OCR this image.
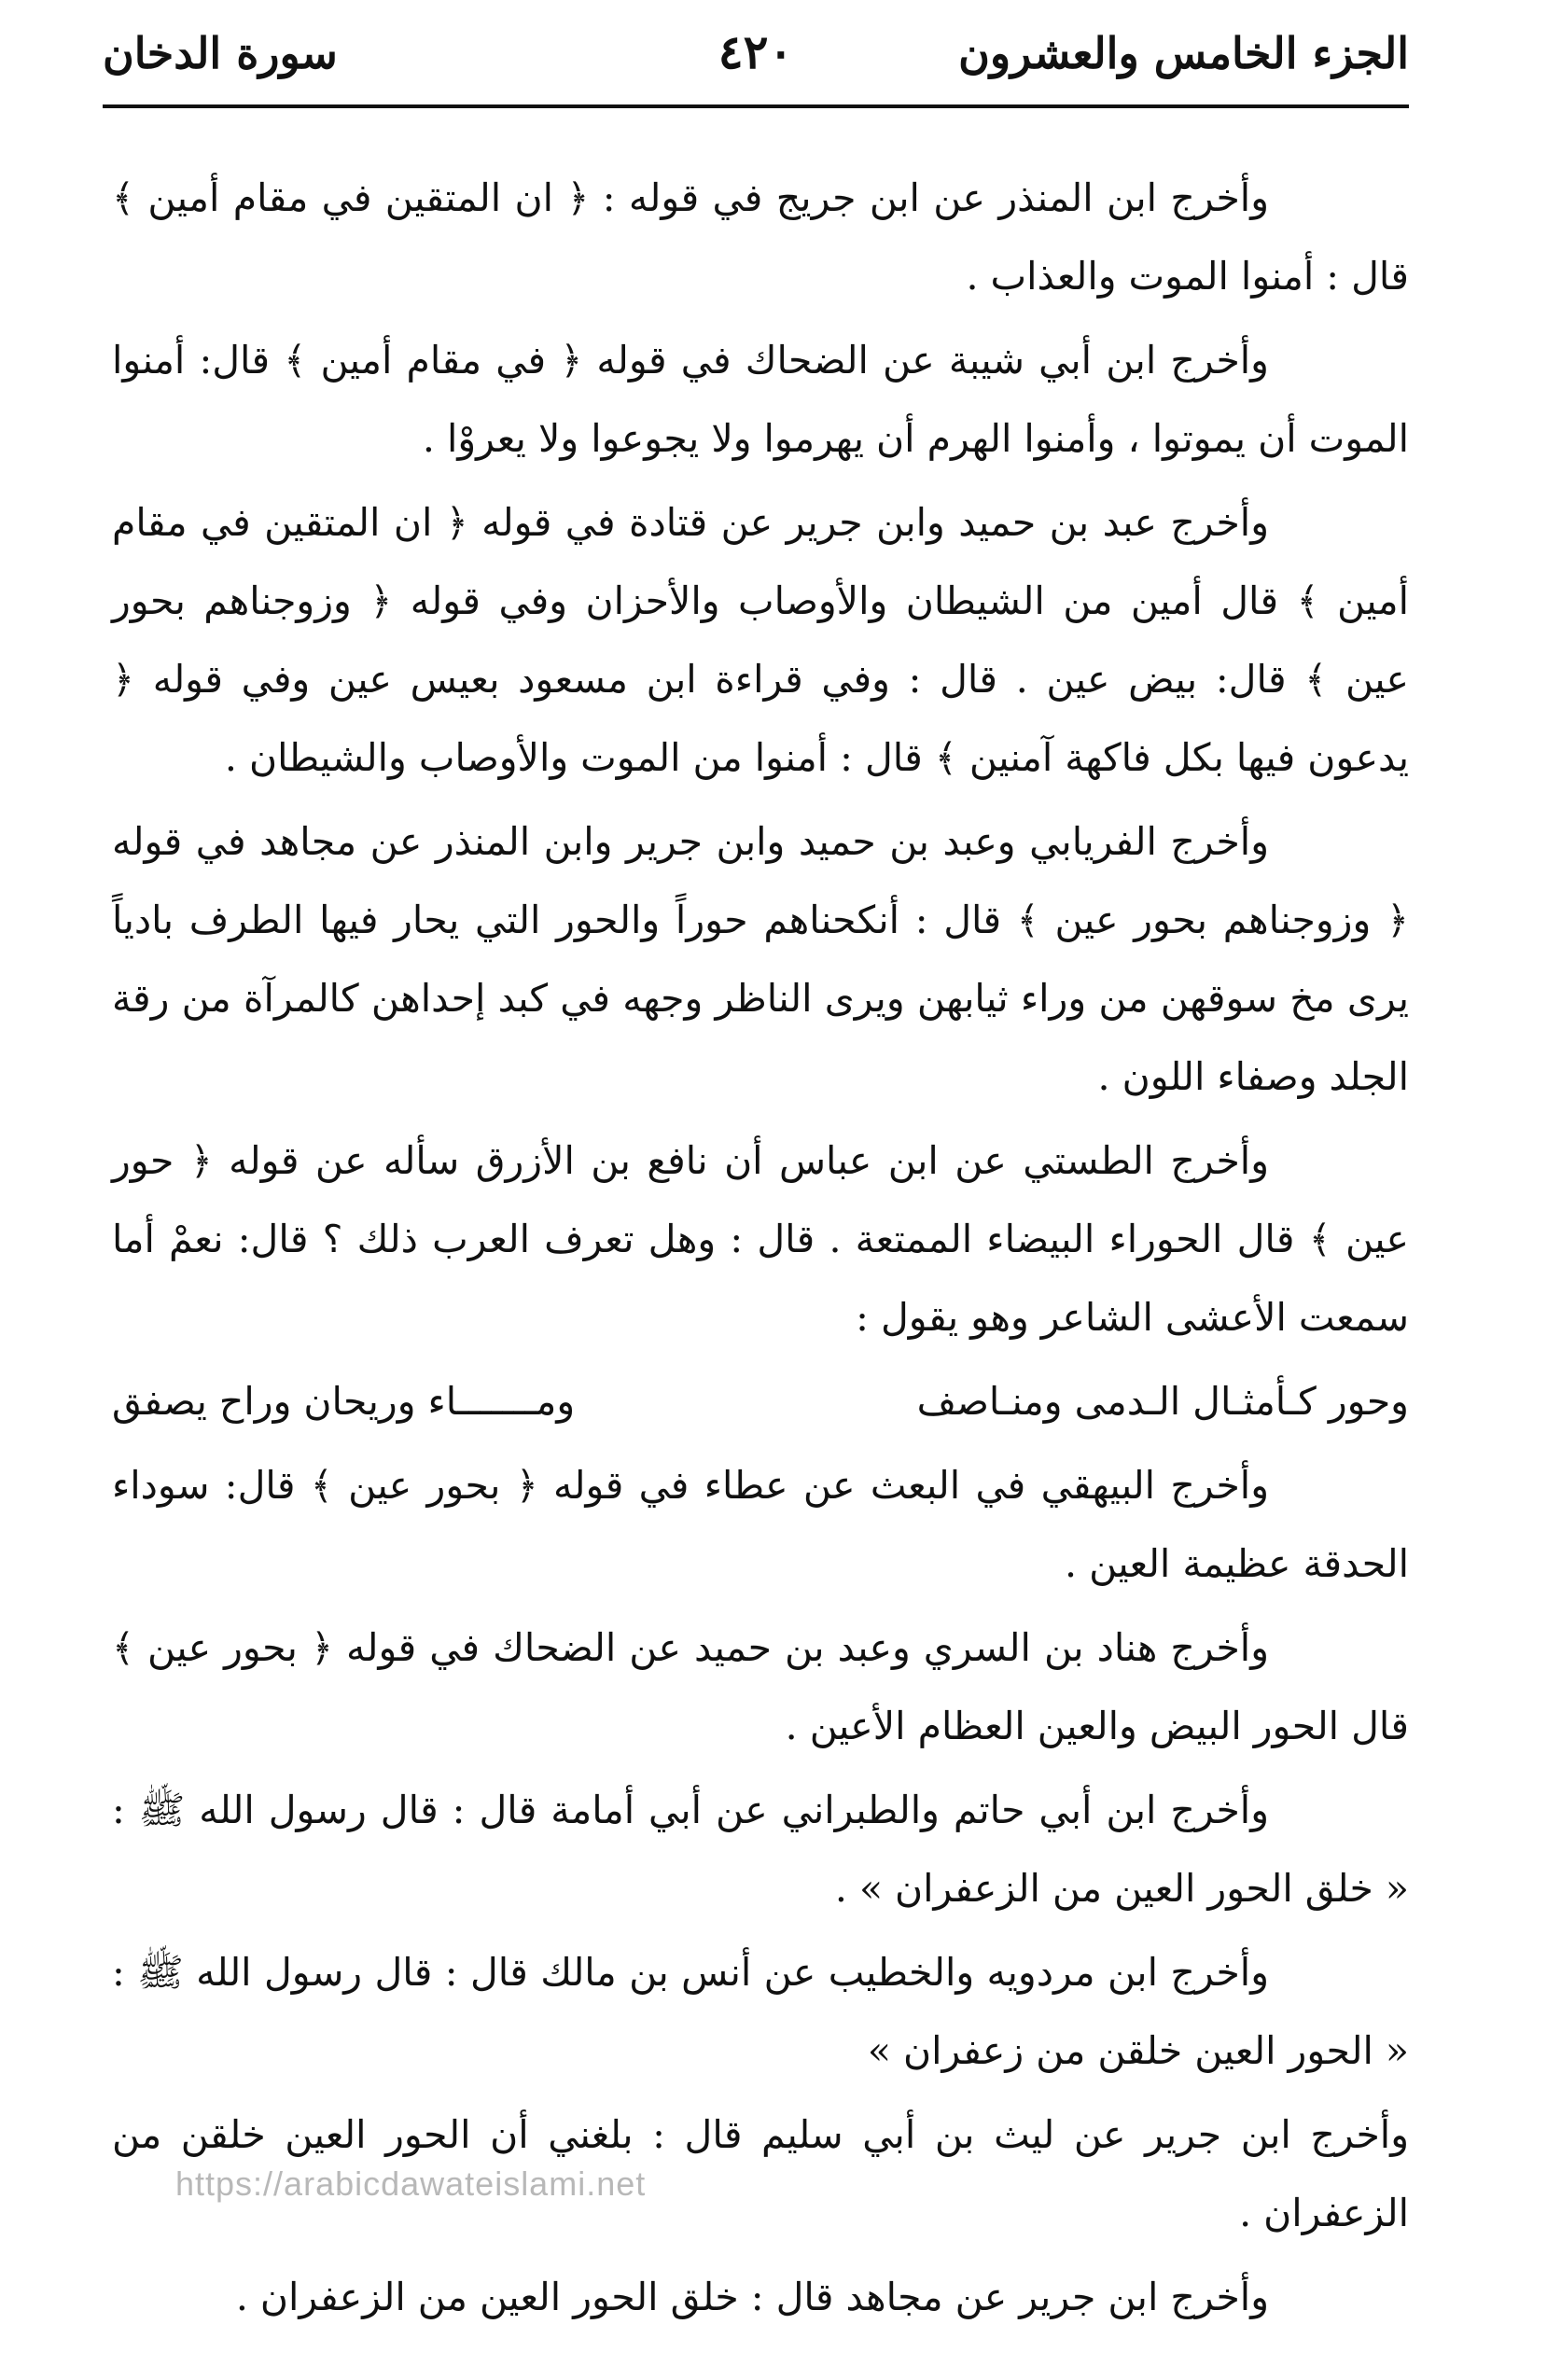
الجزء الخامس والعشرون
٤٢٠
سورة الدخان

وأخرج ابن المنذر عن ابن جريج في قوله : ﴿ ان المتقين في مقام أمين ﴾ قال : أمنوا الموت والعذاب .

وأخرج ابن أبي شيبة عن الضحاك في قوله ﴿ في مقام أمين ﴾ قال: أمنوا الموت أن يموتوا ، وأمنوا الهرم أن يهرموا ولا يجوعوا ولا يعروْا .

وأخرج عبد بن حميد وابن جرير عن قتادة في قوله ﴿ ان المتقين في مقام أمين ﴾ قال أمين من الشيطان والأوصاب والأحزان وفي قوله ﴿ وزوجناهم بحور عين ﴾ قال: بيض عين . قال : وفي قراءة ابن مسعود بعيس عين وفي قوله ﴿ يدعون فيها بكل فاكهة آمنين ﴾ قال : أمنوا من الموت والأوصاب والشيطان .

وأخرج الفريابي وعبد بن حميد وابن جرير وابن المنذر عن مجاهد في قوله ﴿ وزوجناهم بحور عين ﴾ قال : أنكحناهم حوراً والحور التي يحار فيها الطرف بادياً يرى مخ سوقهن من وراء ثيابهن ويرى الناظر وجهه في كبد إحداهن كالمرآة من رقة الجلد وصفاء اللون .

وأخرج الطستي عن ابن عباس أن نافع بن الأزرق سأله عن قوله ﴿ حور عين ﴾ قال الحوراء البيضاء الممتعة . قال : وهل تعرف العرب ذلك ؟ قال: نعمْ أما سمعت الأعشى الشاعر وهو يقول :

وحور كـأمثـال الـدمى ومنـاصف
ومـــــــاء وريحان وراح يصفق

وأخرج البيهقي في البعث عن عطاء في قوله ﴿ بحور عين ﴾ قال: سوداء الحدقة عظيمة العين .

وأخرج هناد بن السري وعبد بن حميد عن الضحاك في قوله ﴿ بحور عين ﴾ قال الحور البيض والعين العظام الأعين .

وأخرج ابن أبي حاتم والطبراني عن أبي أمامة قال : قال رسول الله ﷺ : « خلق الحور العين من الزعفران » .

وأخرج ابن مردويه والخطيب عن أنس بن مالك قال : قال رسول الله ﷺ : « الحور العين خلقن من زعفران »

وأخرج ابن جرير عن ليث بن أبي سليم قال : بلغني أن الحور العين خلقن من الزعفران .

وأخرج ابن جرير عن مجاهد قال : خلق الحور العين من الزعفران .

https://arabicdawateislami.net
